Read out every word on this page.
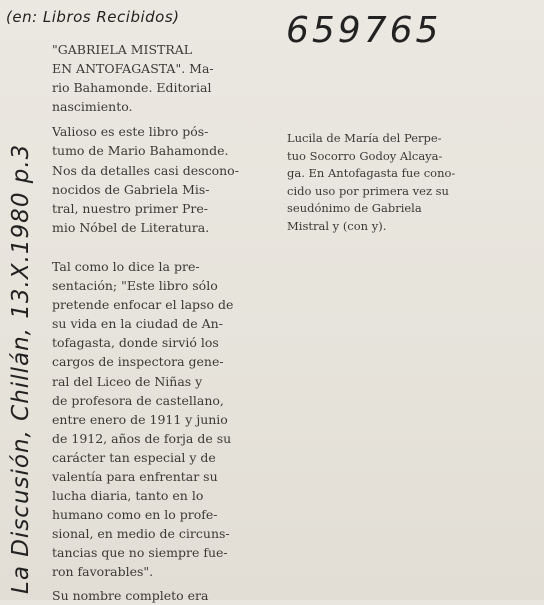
(en: Libros Recibidos)	659765
La Discusión, Chillán, 13.X.1980 p.3
"GABRIELA MISTRAL
EN ANTOFAGASTA". Ma-
rio Bahamonde. Editorial
nascimiento.
Valioso es este libro pós-
tumo de Mario Bahamonde.
Nos da detalles casi descono-
nocidos de Gabriela Mis-
tral, nuestro primer Pre-
mio Nóbel de Literatura.
Tal como lo dice la pre-
sentación; "Este libro sólo
pretende enfocar el lapso de
su vida en la ciudad de An-
tofagasta, donde sirvió los
cargos de inspectora gene-
ral del Liceo de Niñas y
de profesora de castellano,
entre enero de 1911 y junio
de 1912, años de forja de su
carácter tan especial y de
valentía para enfrentar su
lucha diaria, tanto en lo
humano como en lo profe-
sional, en medio de circuns-
tancias que no siempre fue-
ron favorables".
Su nombre completo era
Lucila de María del Perpe-
tuo Socorro Godoy Alcaya-
ga. En Antofagasta fue cono-
cido uso por primera vez su
seudónimo de Gabriela
Mistral y (con y).
